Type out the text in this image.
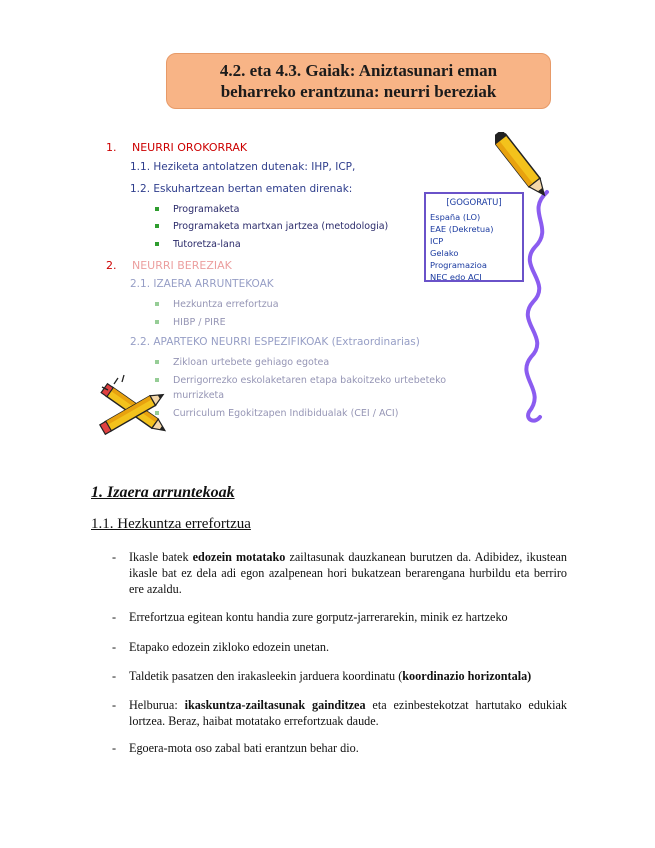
4.2. eta 4.3. Gaiak: Aniztasunari eman
beharreko erantzuna: neurri bereziak
1. NEURRI OROKORRAK
1.1. Heziketa antolatzen dutenak: IHP, ICP,
1.2. Eskuhartzean bertan ematen direnak:
Programaketa
Programaketa martxan jartzea (metodologia)
Tutoretza-lana
2. NEURRI BEREZIAK
2.1. IZAERA ARRUNTEKOAK
Hezkuntza errefortzua
HIBP / PIRE
2.2. APARTEKO NEURRI ESPEZIFIKOAK (Extraordinarias)
Zikloan urtebete gehiago egotea
Derrigorrezko eskolaketaren etapa bakoitzeko urtebeteko
murrizketa
Curriculum Egokitzapen Indibidualak (CEI / ACI)
[GOGORATU]
España (LO)
EAE (Dekretua)
ICP
Gelako Programazioa
NEC edo ACI
1. Izaera arruntekoak
1.1. Hezkuntza errefortzua
- Ikasle batek edozein motatako zailtasunak dauzkanean burutzen da. Adibidez, ikustean ikasle bat ez dela adi egon azalpenean hori bukatzean berarengana hurbildu eta berriro ere azaldu.
- Errefortzua egitean kontu handia zure gorputz-jarrerarekin, minik ez hartzeko
- Etapako edozein zikloko edozein unetan.
- Taldetik pasatzen den irakasleekin jarduera koordinatu (koordinazio horizontala)
- Helburua: ikaskuntza-zailtasunak gainditzea eta ezinbestekotzat hartutako edukiak lortzea. Beraz, haibat motatako errefortzuak daude.
- Egoera-mota oso zabal bati erantzun behar dio.
